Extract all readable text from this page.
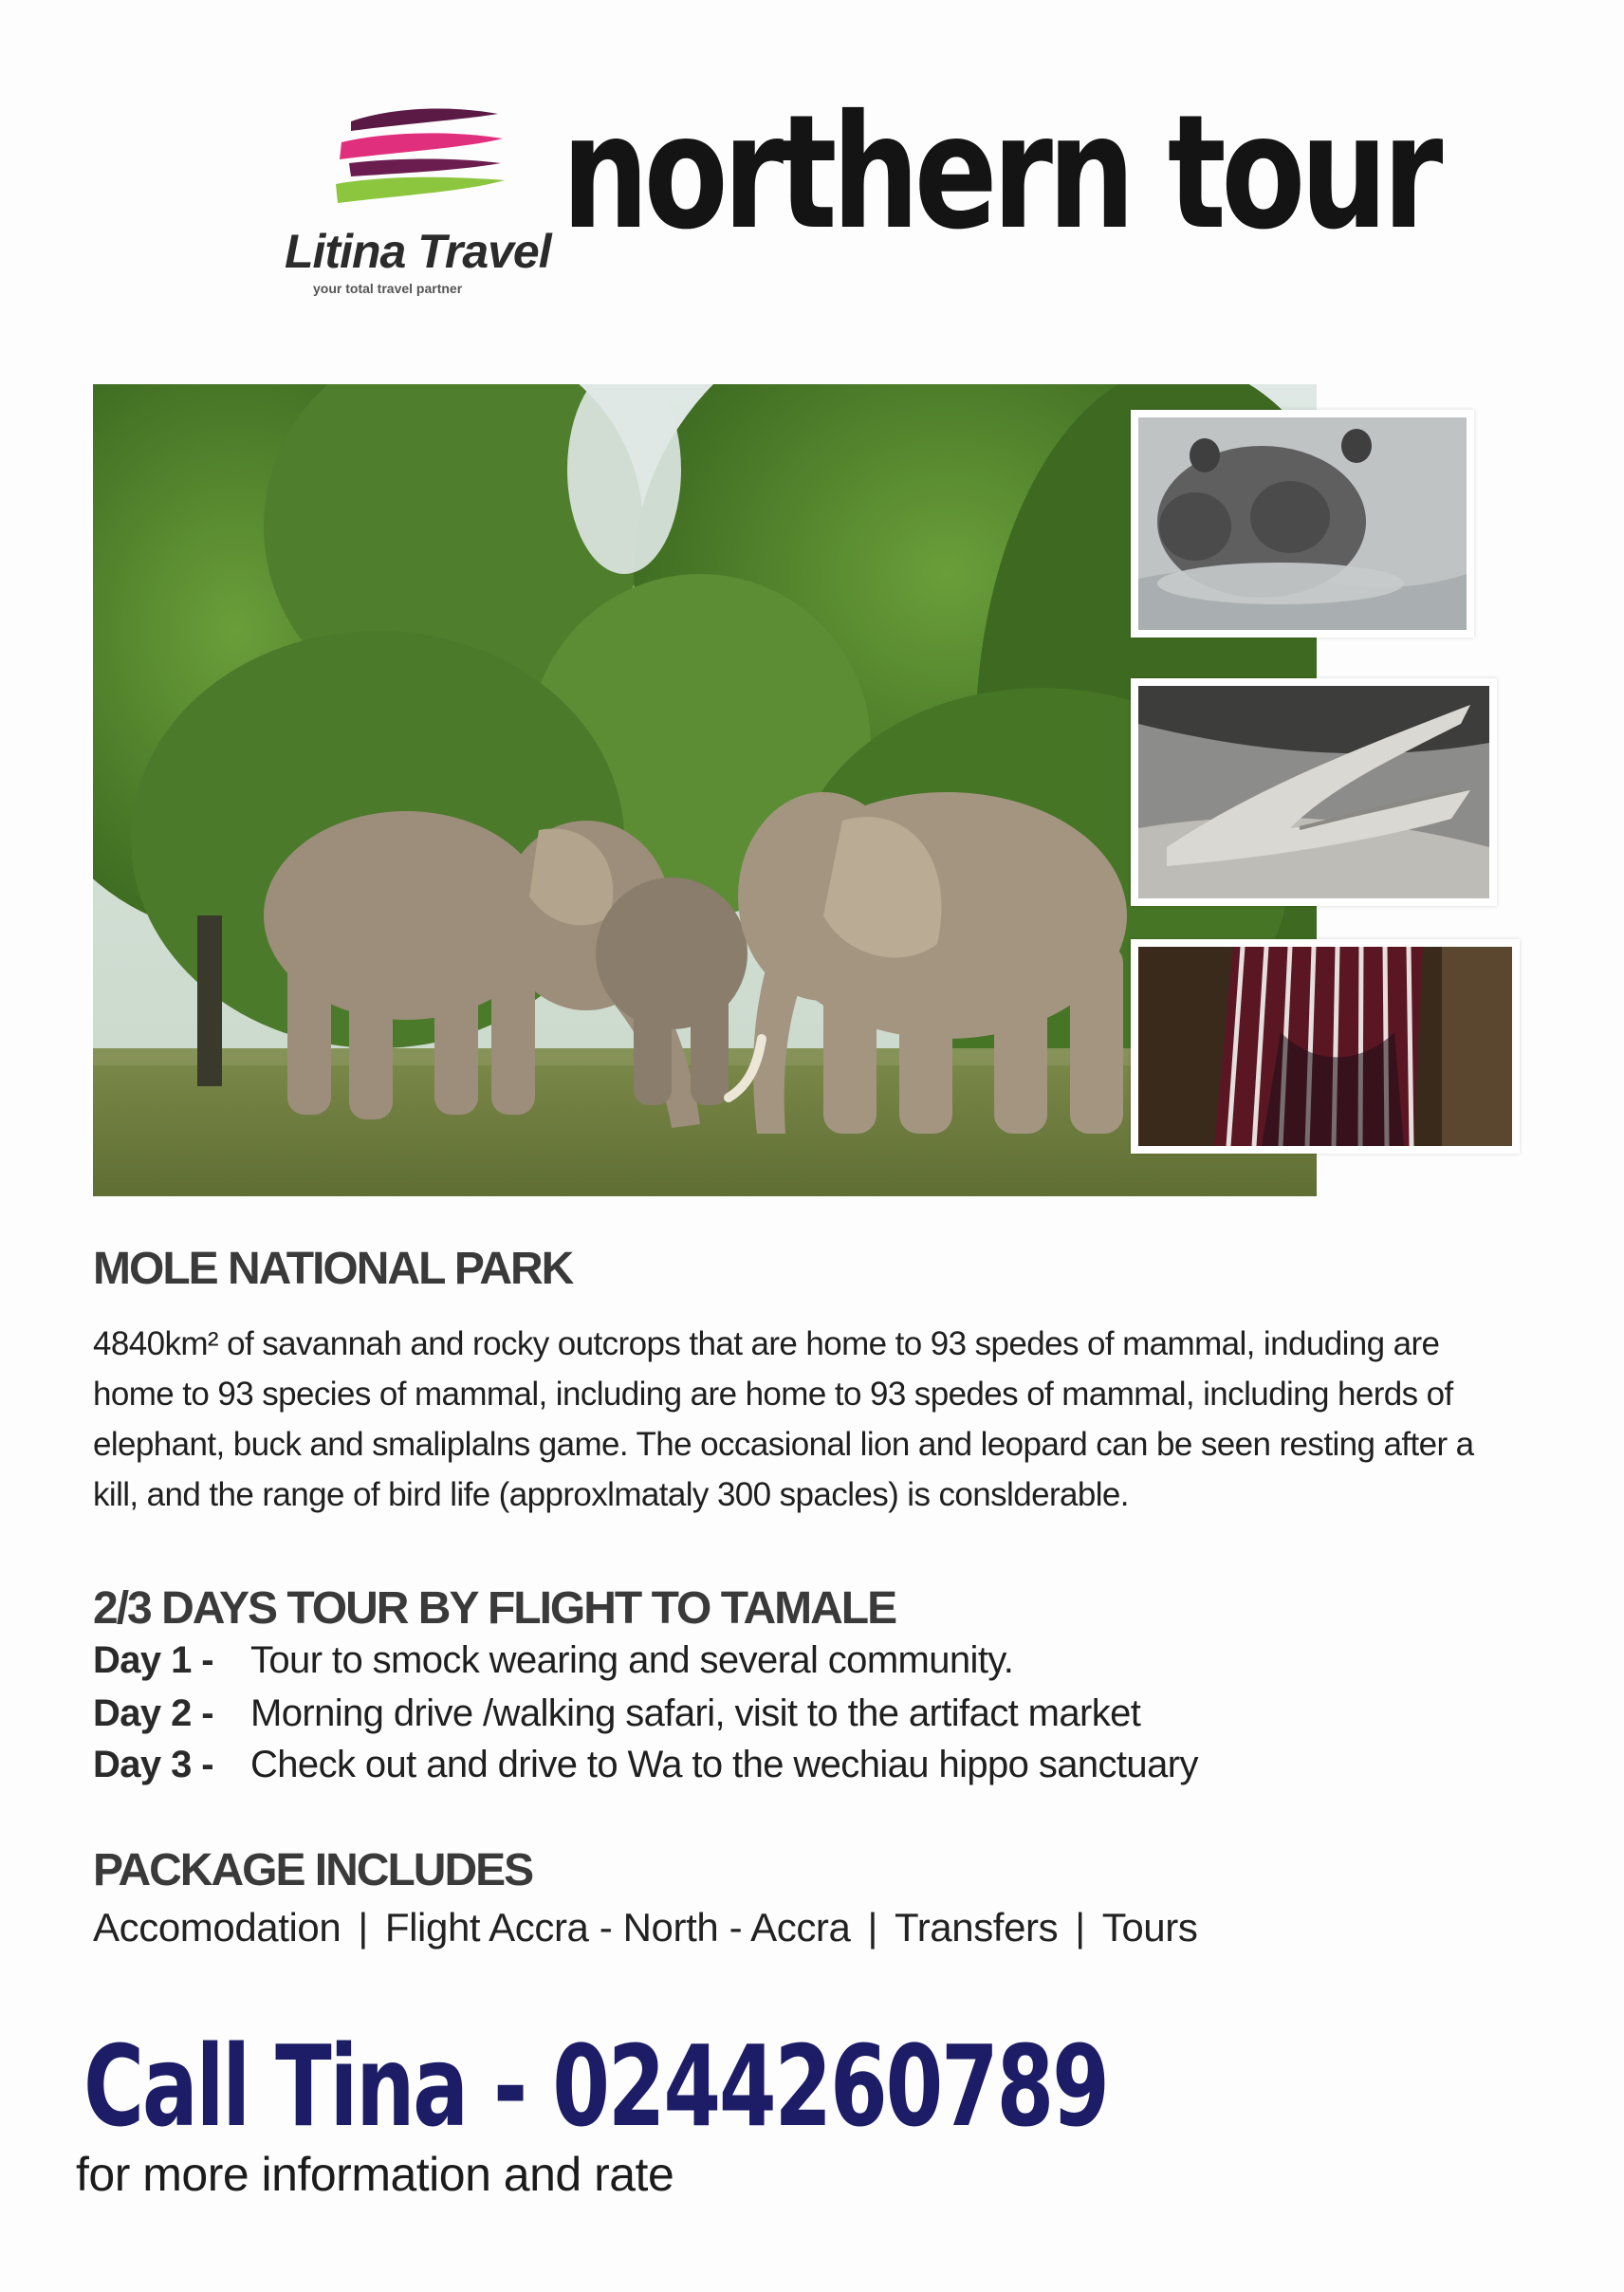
Litina Travel
your total travel partner
northern tour
MOLE NATIONAL PARK
4840km² of savannah and rocky outcrops that are home to 93 spedes of mammal, induding are home to 93 species of mammal, including are home to 93 spedes of mammal, including herds of elephant, buck and smaliplalns game. The occasional lion and leopard can be seen resting after a kill, and the range of bird life (approxlmataly 300 spacles) is conslderable.
2/3 DAYS TOUR BY FLIGHT TO TAMALE
Day 1 - Tour to smock wearing and several community.
Day 2 - Morning drive /walking safari, visit to the artifact market
Day 3 - Check out and drive to Wa to the wechiau hippo sanctuary
PACKAGE INCLUDES
Accomodation | Flight Accra - North - Accra | Transfers | Tours
Call Tina - 0244260789
for more information and rate
